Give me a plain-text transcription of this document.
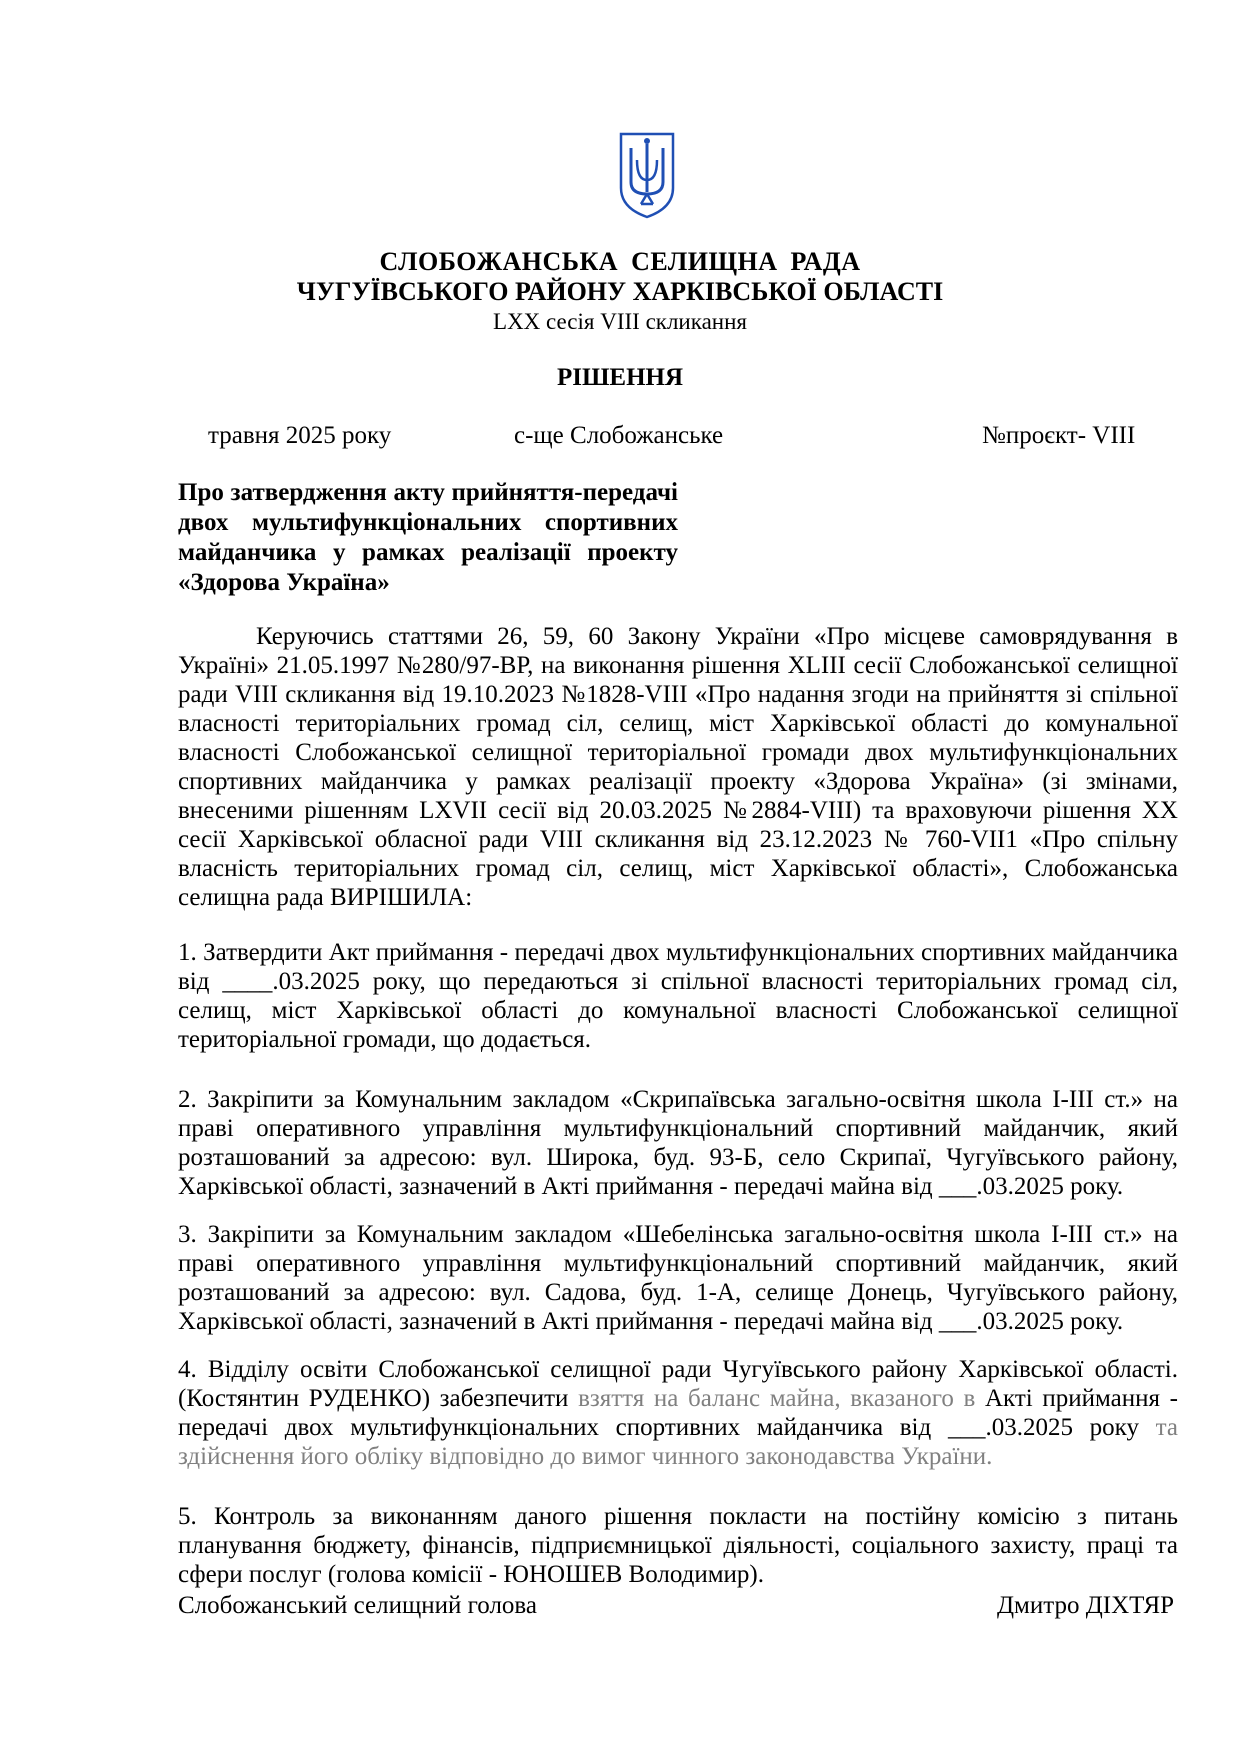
СЛОБОЖАНСЬКА СЕЛИЩНА РАДА
ЧУГУЇВСЬКОГО РАЙОНУ ХАРКІВСЬКОЇ ОБЛАСТІ
LXX сесія VIII скликання
РІШЕННЯ
травня 2025 року	с-ще Слобожанське	№проєкт- VIII
Про затвердження акту прийняття-передачі двох мультифункціональних спортивних майданчика у рамках реалізації проекту «Здорова Україна»
Керуючись статтями 26, 59, 60 Закону України «Про місцеве самоврядування в Україні» 21.05.1997 №280/97-ВР, на виконання рішення XLIII сесії Слобожанської селищної ради VIII скликання від 19.10.2023 №1828-VIII «Про надання згоди на прийняття зі спільної власності територіальних громад сіл, селищ, міст Харківської області до комунальної власності Слобожанської селищної територіальної громади двох мультифункціональних спортивних майданчика у рамках реалізації проекту «Здорова Україна» (зі змінами, внесеними рішенням LXVII сесії від 20.03.2025 №2884-VIII) та враховуючи рішення XX сесії Харківської обласної ради VIII скликання від 23.12.2023 № 760-VІІ1 «Про спільну власність територіальних громад сіл, селищ, міст Харківської області», Слобожанська селищна рада ВИРІШИЛА:
1. Затвердити Акт приймання - передачі двох мультифункціональних спортивних майданчика від ____.03.2025 року, що передаються зі спільної власності територіальних громад сіл, селищ, міст Харківської області до комунальної власності Слобожанської селищної територіальної громади, що додається.
2. Закріпити за Комунальним закладом «Скрипаївська загально-освітня школа І-ІІІ ст.» на праві оперативного управління мультифункціональний спортивний майданчик, який розташований за адресою: вул. Широка, буд. 93-Б, село Скрипаї, Чугуївського району, Харківської області, зазначений в Акті приймання - передачі майна від ___.03.2025 року.
3. Закріпити за Комунальним закладом «Шебелінська загально-освітня школа І-ІІІ ст.» на праві оперативного управління мультифункціональний спортивний майданчик, який розташований за адресою: вул. Садова, буд. 1-А, селище Донець, Чугуївського району, Харківської області, зазначений в Акті приймання - передачі майна від ___.03.2025 року.
4. Відділу освіти Слобожанської селищної ради Чугуївського району Харківської області. (Костянтин РУДЕНКО) забезпечити взяття на баланс майна, вказаного в Акті приймання - передачі двох мультифункціональних спортивних майданчика від ___.03.2025 року та здійснення його обліку відповідно до вимог чинного законодавства України.
5. Контроль за виконанням даного рішення покласти на постійну комісію з питань планування бюджету, фінансів, підприємницької діяльності, соціального захисту, праці та сфери послуг (голова комісії - ЮНОШЕВ Володимир).
Слобожанський селищний голова	Дмитро ДІХТЯР
